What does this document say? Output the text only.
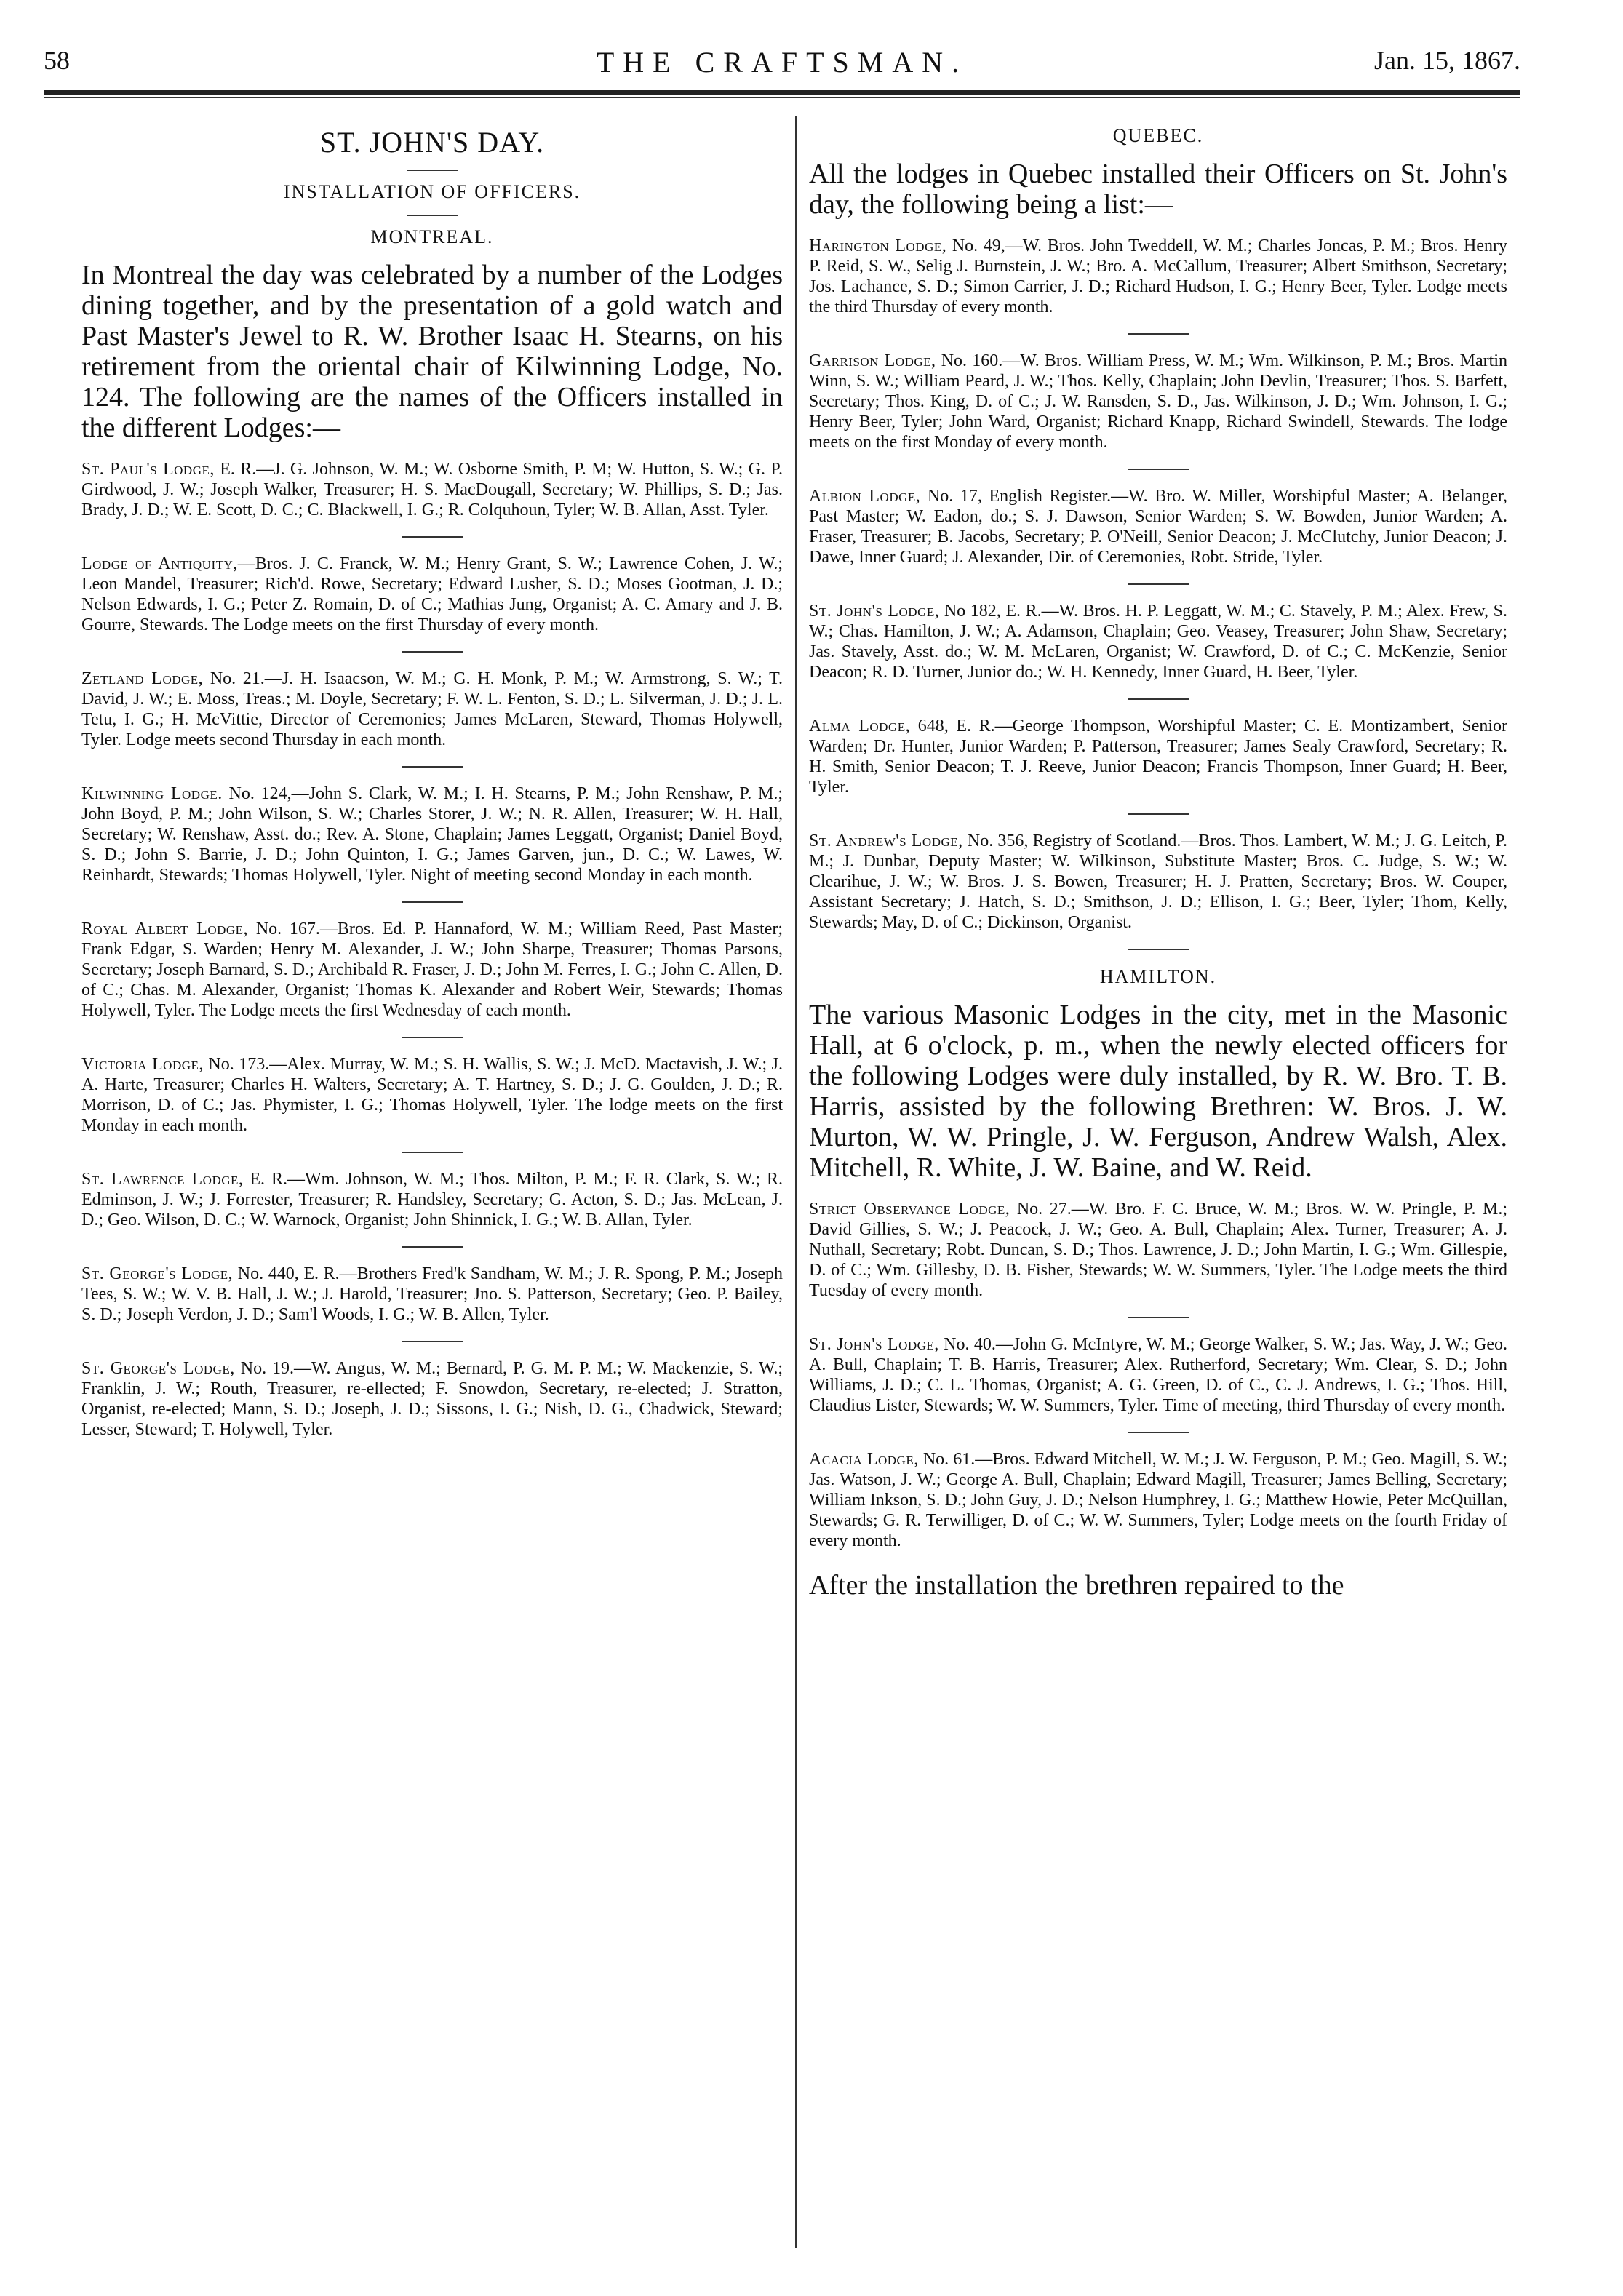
58	THE CRAFTSMAN.	Jan. 15, 1867.
ST. JOHN'S DAY.
INSTALLATION OF OFFICERS.
MONTREAL.

In Montreal the day was celebrated by a number of the Lodges dining together, and by the presentation of a gold watch and Past Master's Jewel to R. W. Brother Isaac H. Stearns, on his retirement from the oriental chair of Kilwinning Lodge, No. 124. The following are the names of the Officers installed in the different Lodges:—

St. Paul's Lodge, E. R.—J. G. Johnson, W. M.; W. Osborne Smith, P. M; W. Hutton, S. W.; G. P. Girdwood, J. W.; Joseph Walker, Treasurer; H. S. MacDougall, Secretary; W. Phillips, S. D.; Jas. Brady, J. D.; W. E. Scott, D. C.; C. Blackwell, I. G.; R. Colquhoun, Tyler; W. B. Allan, Asst. Tyler.

Lodge of Antiquity,—Bros. J. C. Franck, W. M.; Henry Grant, S. W.; Lawrence Cohen, J. W.; Leon Mandel, Treasurer; Rich'd. Rowe, Secretary; Edward Lusher, S. D.; Moses Gootman, J. D.; Nelson Edwards, I. G.; Peter Z. Romain, D. of C.; Mathias Jung, Organist; A. C. Amary and J. B. Gourre, Stewards. The Lodge meets on the first Thursday of every month.

Zetland Lodge, No. 21.—J. H. Isaacson, W. M.; G. H. Monk, P. M.; W. Armstrong, S. W.; T. David, J. W.; E. Moss, Treas.; M. Doyle, Secretary; F. W. L. Fenton, S. D.; L. Silverman, J. D.; J. L. Tetu, I. G.; H. McVittie, Director of Ceremonies; James McLaren, Steward, Thomas Holywell, Tyler. Lodge meets second Thursday in each month.

Kilwinning Lodge. No. 124,—John S. Clark, W. M.; I. H. Stearns, P. M.; John Renshaw, P. M.; John Boyd, P. M.; John Wilson, S. W.; Charles Storer, J. W.; N. R. Allen, Treasurer; W. H. Hall, Secretary; W. Renshaw, Asst. do.; Rev. A. Stone, Chaplain; James Leggatt, Organist; Daniel Boyd, S. D.; John S. Barrie, J. D.; John Quinton, I. G.; James Garven, jun., D. C.; W. Lawes, W. Reinhardt, Stewards; Thomas Holywell, Tyler. Night of meeting second Monday in each month.

Royal Albert Lodge, No. 167.—Bros. Ed. P. Hannaford, W. M.; William Reed, Past Master; Frank Edgar, S. Warden; Henry M. Alexander, J. W.; John Sharpe, Treasurer; Thomas Parsons, Secretary; Joseph Barnard, S. D.; Archibald R. Fraser, J. D.; John M. Ferres, I. G.; John C. Allen, D. of C.; Chas. M. Alexander, Organist; Thomas K. Alexander and Robert Weir, Stewards; Thomas Holywell, Tyler. The Lodge meets the first Wednesday of each month.

Victoria Lodge, No. 173.—Alex. Murray, W. M.; S. H. Wallis, S. W.; J. McD. Mactavish, J. W.; J. A. Harte, Treasurer; Charles H. Walters, Secretary; A. T. Hartney, S. D.; J. G. Goulden, J. D.; R. Morrison, D. of C.; Jas. Phymister, I. G.; Thomas Holywell, Tyler. The lodge meets on the first Monday in each month.

St. Lawrence Lodge, E. R.—Wm. Johnson, W. M.; Thos. Milton, P. M.; F. R. Clark, S. W.; R. Edminson, J. W.; J. Forrester, Treasurer; R. Handsley, Secretary; G. Acton, S. D.; Jas. McLean, J. D.; Geo. Wilson, D. C.; W. Warnock, Organist; John Shinnick, I. G.; W. B. Allan, Tyler.

St. George's Lodge, No. 440, E. R.—Brothers Fred'k Sandham, W. M.; J. R. Spong, P. M.; Joseph Tees, S. W.; W. V. B. Hall, J. W.; J. Harold, Treasurer; Jno. S. Patterson, Secretary; Geo. P. Bailey, S. D.; Joseph Verdon, J. D.; Sam'l Woods, I. G.; W. B. Allen, Tyler.

St. George's Lodge, No. 19.—W. Angus, W. M.; Bernard, P. G. M. P. M.; W. Mackenzie, S. W.; Franklin, J. W.; Routh, Treasurer, re-ellected; F. Snowdon, Secretary, re-elected; J. Stratton, Organist, re-elected; Mann, S. D.; Joseph, J. D.; Sissons, I. G.; Nish, D. G., Chadwick, Steward; Lesser, Steward; T. Holywell, Tyler.

QUEBEC.

All the lodges in Quebec installed their Officers on St. John's day, the following being a list:—

Harington Lodge, No. 49,—W. Bros. John Tweddell, W. M.; Charles Joncas, P. M.; Bros. Henry P. Reid, S. W., Selig J. Burnstein, J. W.; Bro. A. McCallum, Treasurer; Albert Smithson, Secretary; Jos. Lachance, S. D.; Simon Carrier, J. D.; Richard Hudson, I. G.; Henry Beer, Tyler. Lodge meets the third Thursday of every month.

Garrison Lodge, No. 160.—W. Bros. William Press, W. M.; Wm. Wilkinson, P. M.; Bros. Martin Winn, S. W.; William Peard, J. W.; Thos. Kelly, Chaplain; John Devlin, Treasurer; Thos. S. Barfett, Secretary; Thos. King, D. of C.; J. W. Ransden, S. D., Jas. Wilkinson, J. D.; Wm. Johnson, I. G.; Henry Beer, Tyler; John Ward, Organist; Richard Knapp, Richard Swindell, Stewards. The lodge meets on the first Monday of every month.

Albion Lodge, No. 17, English Register.—W. Bro. W. Miller, Worshipful Master; A. Belanger, Past Master; W. Eadon, do.; S. J. Dawson, Senior Warden; S. W. Bowden, Junior Warden; A. Fraser, Treasurer; B. Jacobs, Secretary; P. O'Neill, Senior Deacon; J. McClutchy, Junior Deacon; J. Dawe, Inner Guard; J. Alexander, Dir. of Ceremonies, Robt. Stride, Tyler.

St. John's Lodge, No 182, E. R.—W. Bros. H. P. Leggatt, W. M.; C. Stavely, P. M.; Alex. Frew, S. W.; Chas. Hamilton, J. W.; A. Adamson, Chaplain; Geo. Veasey, Treasurer; John Shaw, Secretary; Jas. Stavely, Asst. do.; W. M. McLaren, Organist; W. Crawford, D. of C.; C. McKenzie, Senior Deacon; R. D. Turner, Junior do.; W. H. Kennedy, Inner Guard, H. Beer, Tyler.

Alma Lodge, 648, E. R.—George Thompson, Worshipful Master; C. E. Montizambert, Senior Warden; Dr. Hunter, Junior Warden; P. Patterson, Treasurer; James Sealy Crawford, Secretary; R. H. Smith, Senior Deacon; T. J. Reeve, Junior Deacon; Francis Thompson, Inner Guard; H. Beer, Tyler.

St. Andrew's Lodge, No. 356, Registry of Scotland.—Bros. Thos. Lambert, W. M.; J. G. Leitch, P. M.; J. Dunbar, Deputy Master; W. Wilkinson, Substitute Master; Bros. C. Judge, S. W.; W. Clearihue, J. W.; W. Bros. J. S. Bowen, Treasurer; H. J. Pratten, Secretary; Bros. W. Couper, Assistant Secretary; J. Hatch, S. D.; Smithson, J. D.; Ellison, I. G.; Beer, Tyler; Thom, Kelly, Stewards; May, D. of C.; Dickinson, Organist.

HAMILTON.

The various Masonic Lodges in the city, met in the Masonic Hall, at 6 o'clock, p. m., when the newly elected officers for the following Lodges were duly installed, by R. W. Bro. T. B. Harris, assisted by the following Brethren: W. Bros. J. W. Murton, W. W. Pringle, J. W. Ferguson, Andrew Walsh, Alex. Mitchell, R. White, J. W. Baine, and W. Reid.

Strict Observance Lodge, No. 27.—W. Bro. F. C. Bruce, W. M.; Bros. W. W. Pringle, P. M.; David Gillies, S. W.; J. Peacock, J. W.; Geo. A. Bull, Chaplain; Alex. Turner, Treasurer; A. J. Nuthall, Secretary; Robt. Duncan, S. D.; Thos. Lawrence, J. D.; John Martin, I. G.; Wm. Gillespie, D. of C.; Wm. Gillesby, D. B. Fisher, Stewards; W. W. Summers, Tyler. The Lodge meets the third Tuesday of every month.

St. John's Lodge, No. 40.—John G. McIntyre, W. M.; George Walker, S. W.; Jas. Way, J. W.; Geo. A. Bull, Chaplain; T. B. Harris, Treasurer; Alex. Rutherford, Secretary; Wm. Clear, S. D.; John Williams, J. D.; C. L. Thomas, Organist; A. G. Green, D. of C., C. J. Andrews, I. G.; Thos. Hill, Claudius Lister, Stewards; W. W. Summers, Tyler. Time of meeting, third Thursday of every month.

Acacia Lodge, No. 61.—Bros. Edward Mitchell, W. M.; J. W. Ferguson, P. M.; Geo. Magill, S. W.; Jas. Watson, J. W.; George A. Bull, Chaplain; Edward Magill, Treasurer; James Belling, Secretary; William Inkson, S. D.; John Guy, J. D.; Nelson Humphrey, I. G.; Matthew Howie, Peter McQuillan, Stewards; G. R. Terwilliger, D. of C.; W. W. Summers, Tyler; Lodge meets on the fourth Friday of every month.

After the installation the brethren repaired to the
